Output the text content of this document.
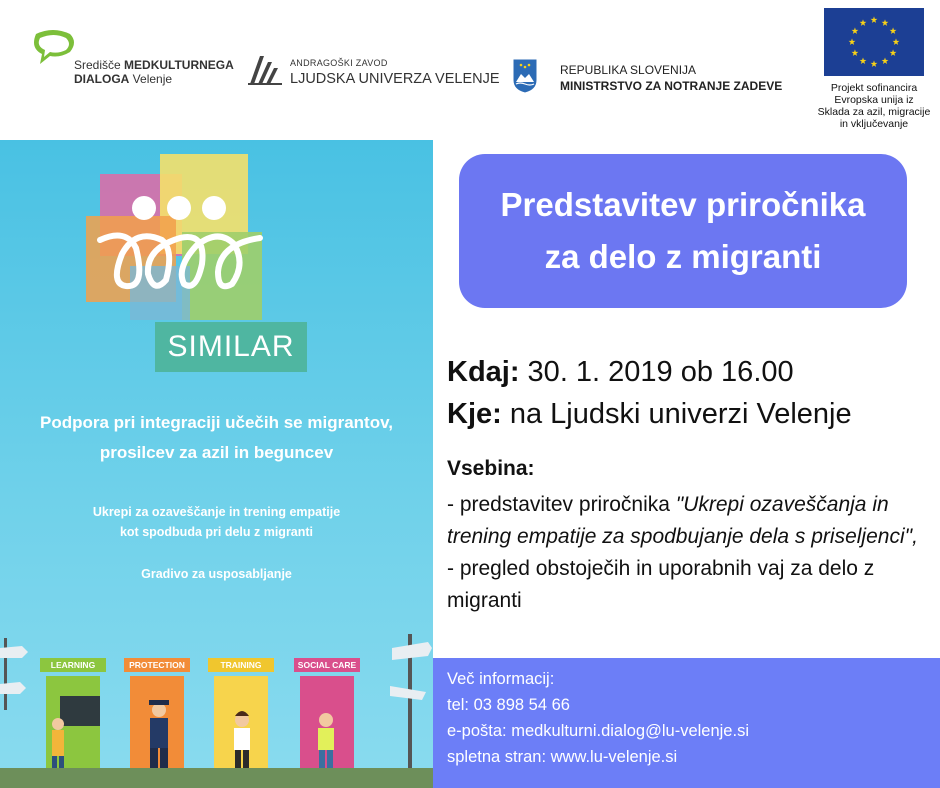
Središče MEDKULTURNEGA
DIALOGA Velenje
ANDRAGOŠKI ZAVOD
LJUDSKA UNIVERZA VELENJE
REPUBLIKA SLOVENIJA
MINISTRSTVO ZA NOTRANJE ZADEVE	Projekt sofinancira
Evropska unija iz
Sklada za azil, migracije
in vključevanje
SIMILAR
Podpora pri integraciji učečih se migrantov,
prosilcev za azil in beguncev
Ukrepi za ozaveščanje in trening empatije
kot spodbuda pri delu z migranti
Gradivo za usposabljanje
LEARNING	PROTECTION	TRAINING	SOCIAL CARE
Predstavitev priročnika
za delo z migranti
Kdaj: 30. 1. 2019 ob 16.00
Kje: na Ljudski univerzi Velenje
Vsebina:
- predstavitev priročnika "Ukrepi ozaveščanja in trening empatije za spodbujanje dela s priseljenci",
- pregled obstoječih in uporabnih vaj za delo z migranti
Več informacij:
tel: 03 898 54 66
e-pošta: medkulturni.dialog@lu-velenje.si
spletna stran: www.lu-velenje.si
